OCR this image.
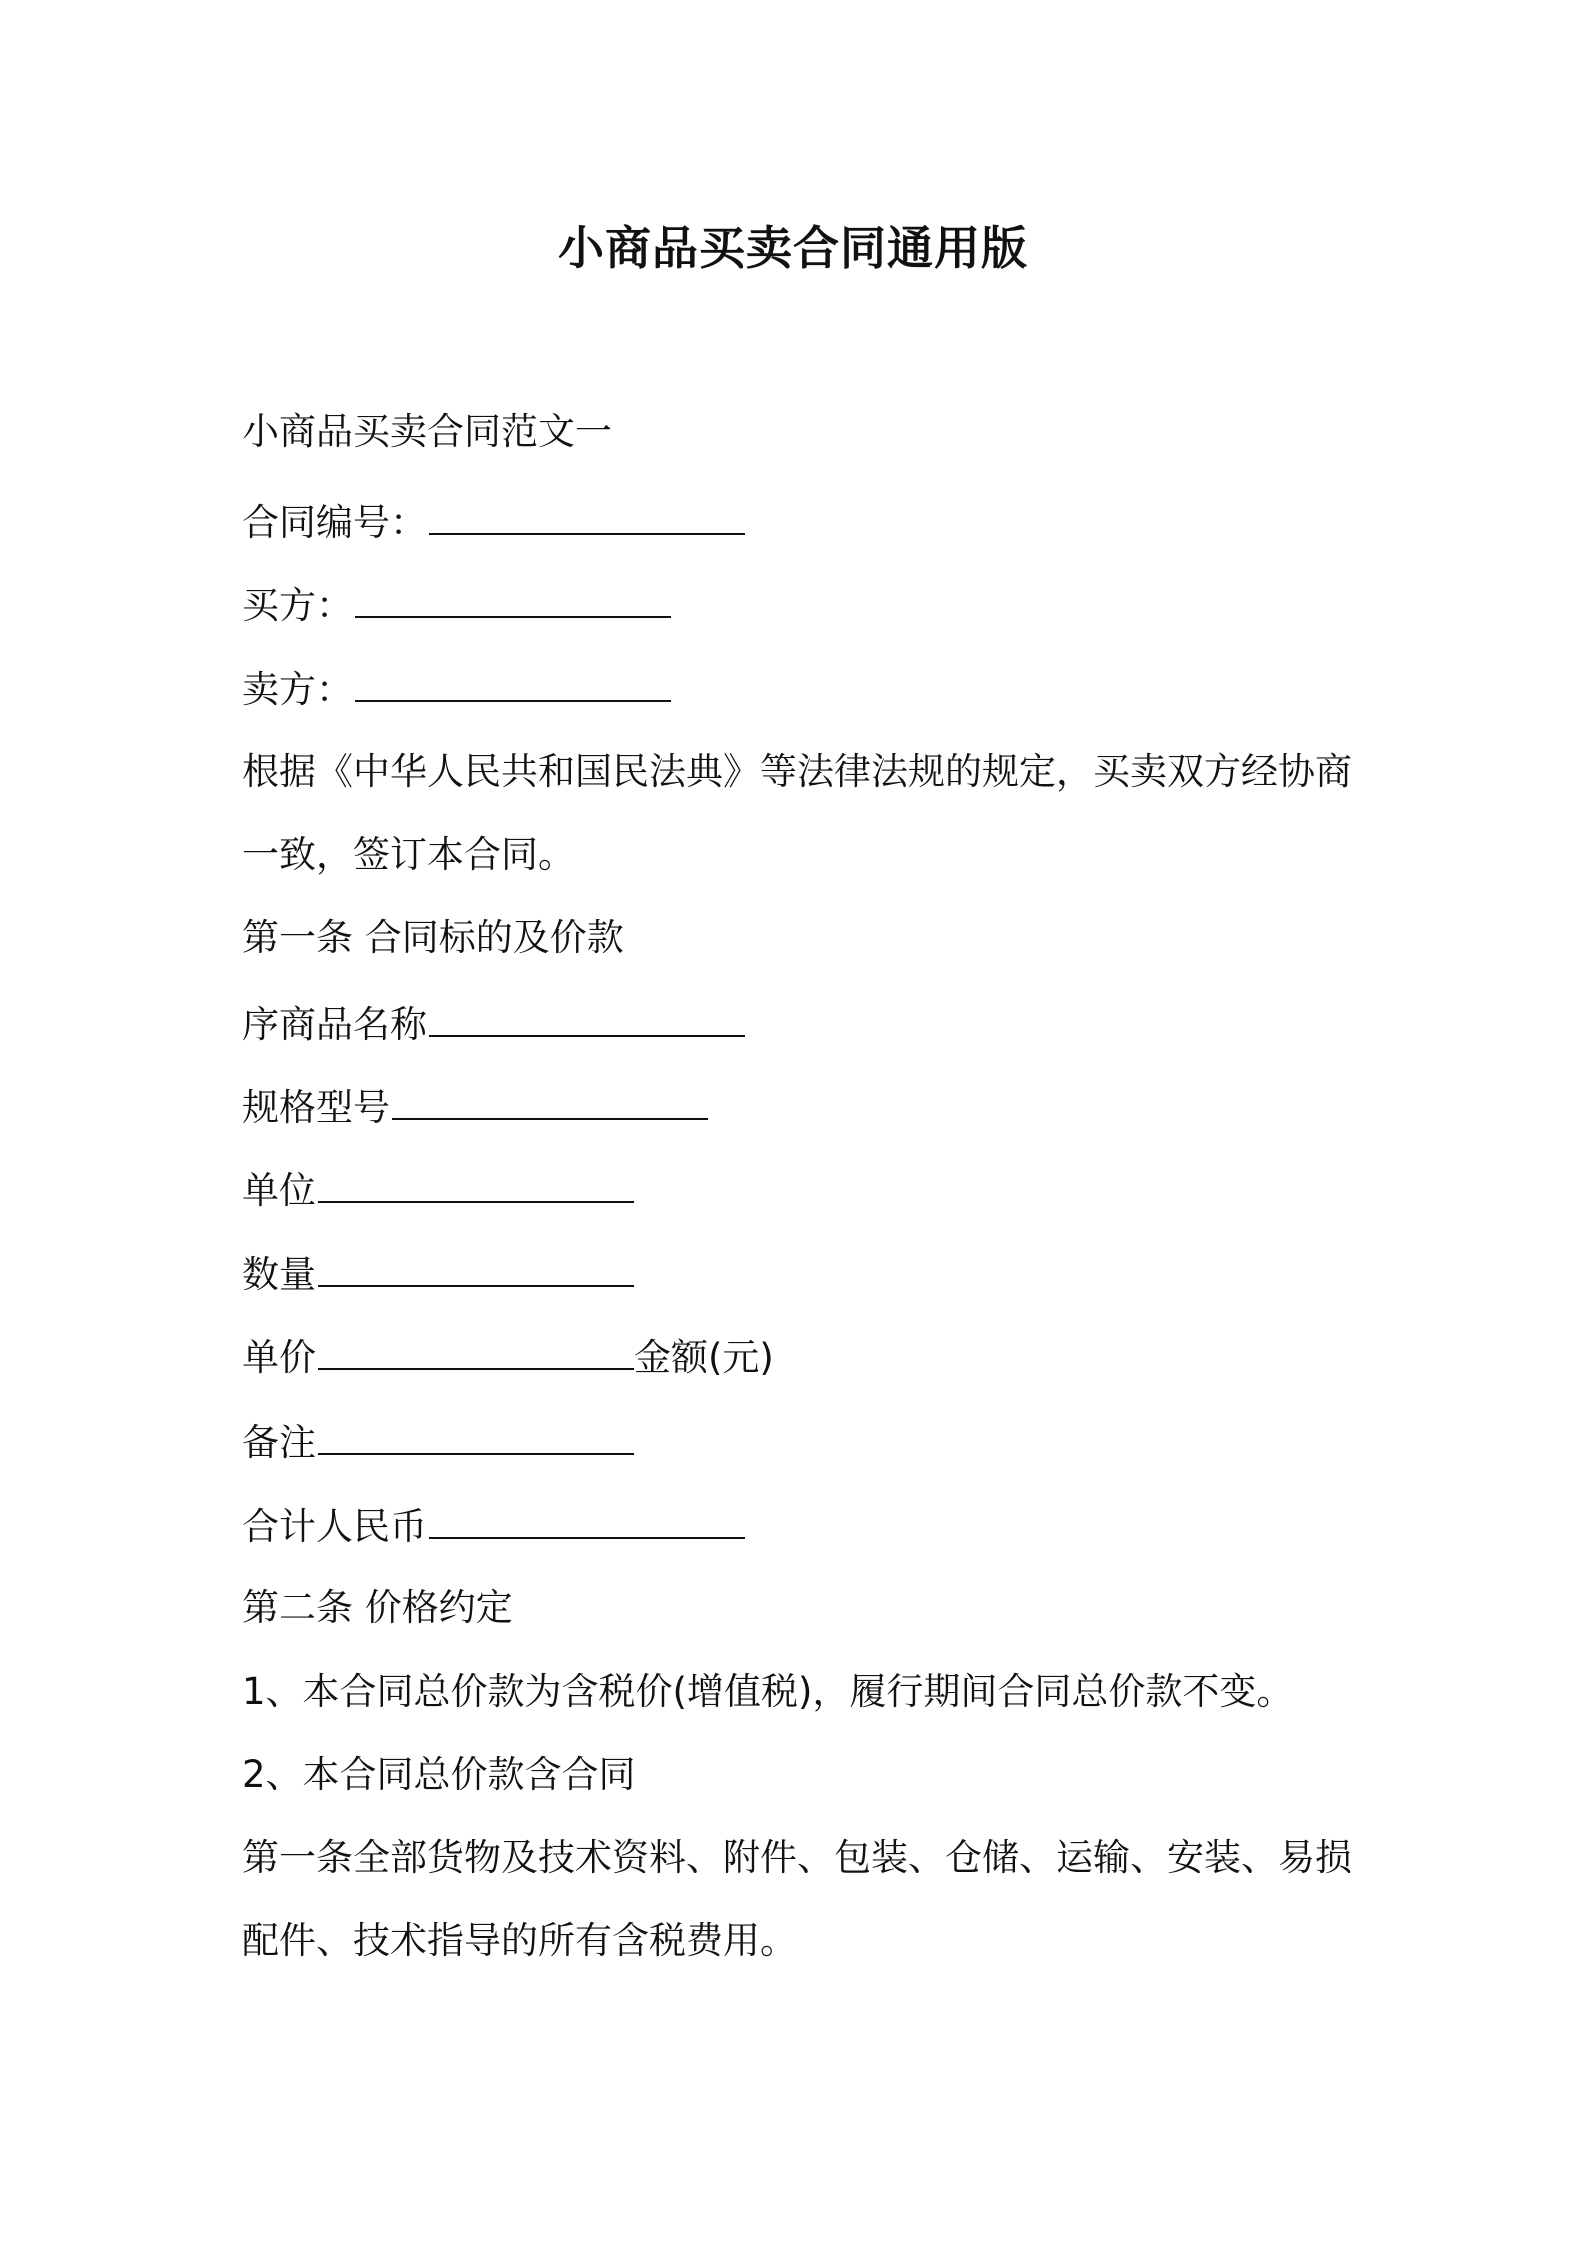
小商品买卖合同通用版
小商品买卖合同范文一
合同编号：
买方：
卖方：
根据《中华人民共和国民法典》等法律法规的规定，买卖双方经协商
一致，签订本合同。
第一条 合同标的及价款
序商品名称
规格型号
单位
数量
单价	金额(元)
备注
合计人民币
第二条 价格约定
1、本合同总价款为含税价(增值税)，履行期间合同总价款不变。
2、本合同总价款含合同
第一条全部货物及技术资料、附件、包装、仓储、运输、安装、易损
配件、技术指导的所有含税费用。
